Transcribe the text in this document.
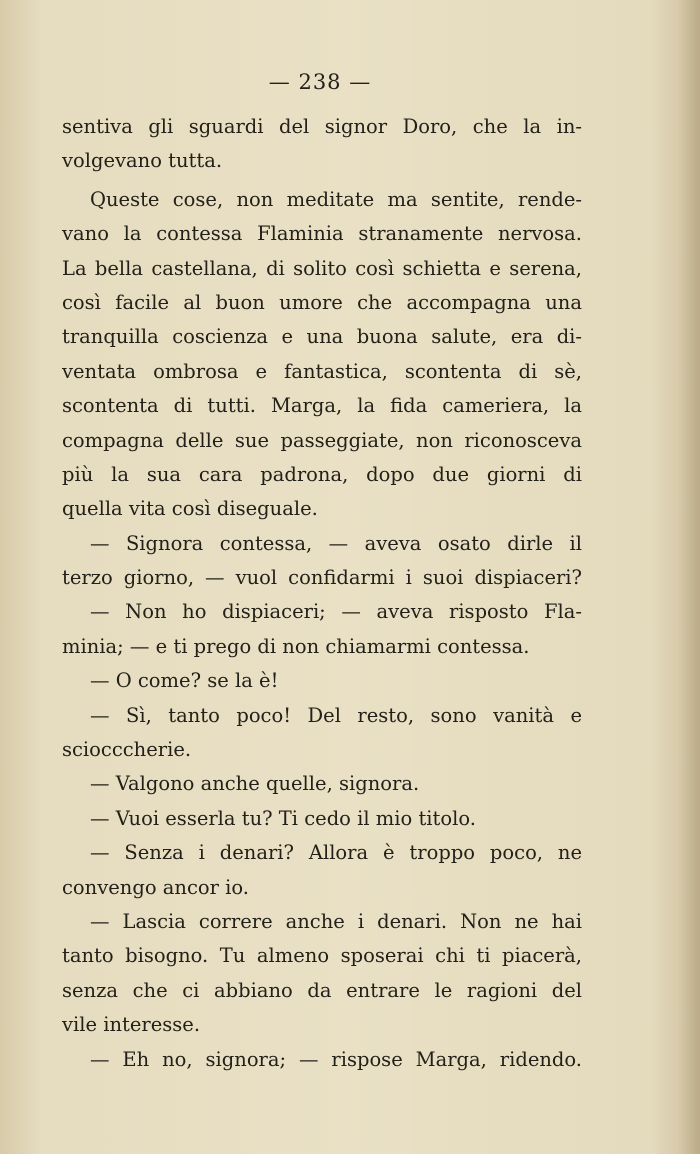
— 238 —
sentiva gli sguardi del signor Doro, che la in-
volgevano tutta.
Queste cose, non meditate ma sentite, rende-
vano la contessa Flaminia stranamente nervosa.
La bella castellana, di solito così schietta e serena,
così facile al buon umore che accompagna una
tranquilla coscienza e una buona salute, era di-
ventata ombrosa e fantastica, scontenta di sè,
scontenta di tutti. Marga, la fida cameriera, la
compagna delle sue passeggiate, non riconosceva
più la sua cara padrona, dopo due giorni di
quella vita così diseguale.
— Signora contessa, — aveva osato dirle il
terzo giorno, — vuol confidarmi i suoi dispiaceri?
— Non ho dispiaceri; — aveva risposto Fla-
minia; — e ti prego di non chiamarmi contessa.
— O come? se la è!
— Sì, tanto poco! Del resto, sono vanità e
sciocccherie.
— Valgono anche quelle, signora.
— Vuoi esserla tu? Ti cedo il mio titolo.
— Senza i denari? Allora è troppo poco, ne
convengo ancor io.
— Lascia correre anche i denari. Non ne hai
tanto bisogno. Tu almeno sposerai chi ti piacerà,
senza che ci abbiano da entrare le ragioni del
vile interesse.
— Eh no, signora; — rispose Marga, ridendo.
